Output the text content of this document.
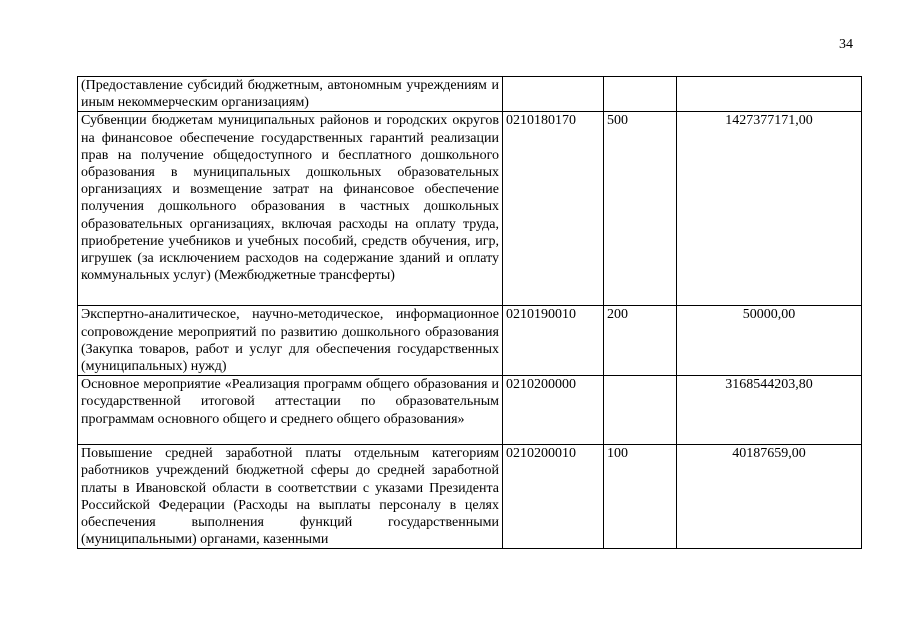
34
(Предоставление субсидий бюджетным, автономным учреждениям и иным некоммерческим организациям)			
Субвенции бюджетам муниципальных районов и городских округов на финансовое обеспечение государственных гарантий реализации прав на получение общедоступного и бесплатного дошкольного образования в муниципальных дошкольных образовательных организациях и возмещение затрат на финансовое обеспечение получения дошкольного образования в частных дошкольных образовательных организациях, включая расходы на оплату труда, приобретение учебников и учебных пособий, средств обучения, игр, игрушек (за исключением расходов на содержание зданий и оплату коммунальных услуг) (Межбюджетные трансферты)	0210180170	500	1427377171,00
Экспертно-аналитическое, научно-методическое, информационное сопровождение мероприятий по развитию дошкольного образования (Закупка товаров, работ и услуг для обеспечения государственных (муниципальных) нужд)	0210190010	200	50000,00
Основное мероприятие «Реализация программ общего образования и государственной итоговой аттестации по образовательным программам основного общего и среднего общего образования»	0210200000		3168544203,80
Повышение средней заработной платы отдельным категориям работников учреждений бюджетной сферы до средней заработной платы в Ивановской области в соответствии с указами Президента Российской Федерации (Расходы на выплаты персоналу в целях обеспечения выполнения функций государственными (муниципальными) органами, казенными	0210200010	100	40187659,00
